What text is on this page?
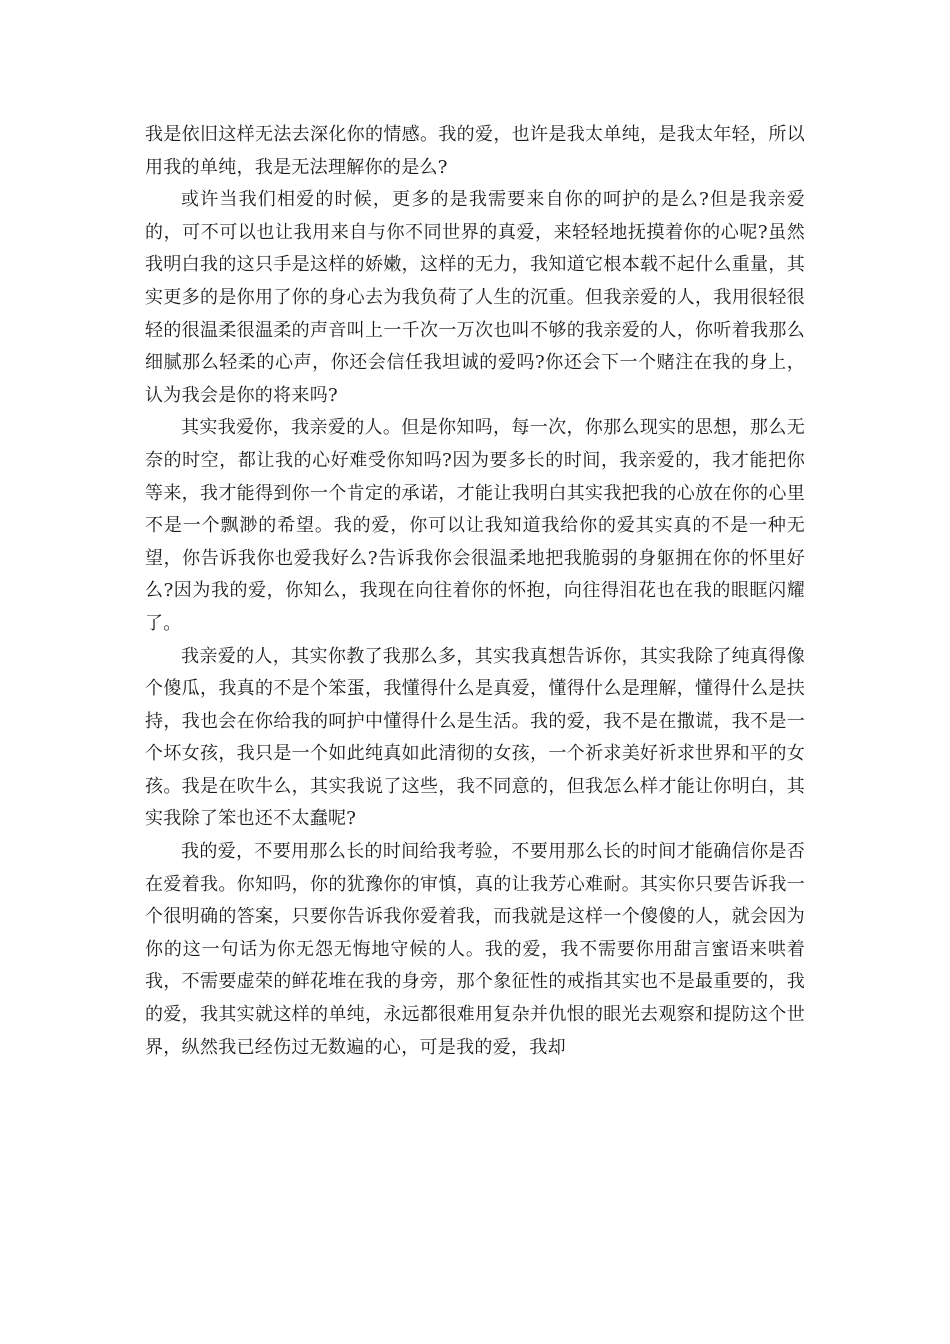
我是依旧这样无法去深化你的情感。我的爱，也许是我太单纯，是我太年轻，所以用我的单纯，我是无法理解你的是么?

或许当我们相爱的时候，更多的是我需要来自你的呵护的是么?但是我亲爱的，可不可以也让我用来自与你不同世界的真爱，来轻轻地抚摸着你的心呢?虽然我明白我的这只手是这样的娇嫩，这样的无力，我知道它根本载不起什么重量，其实更多的是你用了你的身心去为我负荷了人生的沉重。但我亲爱的人，我用很轻很轻的很温柔很温柔的声音叫上一千次一万次也叫不够的我亲爱的人，你听着我那么细腻那么轻柔的心声，你还会信任我坦诚的爱吗?你还会下一个赌注在我的身上，认为我会是你的将来吗?

其实我爱你，我亲爱的人。但是你知吗，每一次，你那么现实的思想，那么无奈的时空，都让我的心好难受你知吗?因为要多长的时间，我亲爱的，我才能把你等来，我才能得到你一个肯定的承诺，才能让我明白其实我把我的心放在你的心里不是一个飘渺的希望。我的爱，你可以让我知道我给你的爱其实真的不是一种无望，你告诉我你也爱我好么?告诉我你会很温柔地把我脆弱的身躯拥在你的怀里好么?因为我的爱，你知么，我现在向往着你的怀抱，向往得泪花也在我的眼眶闪耀了。

我亲爱的人，其实你教了我那么多，其实我真想告诉你，其实我除了纯真得像个傻瓜，我真的不是个笨蛋，我懂得什么是真爱，懂得什么是理解，懂得什么是扶持，我也会在你给我的呵护中懂得什么是生活。我的爱，我不是在撒谎，我不是一个坏女孩，我只是一个如此纯真如此清彻的女孩，一个祈求美好祈求世界和平的女孩。我是在吹牛么，其实我说了这些，我不同意的，但我怎么样才能让你明白，其实我除了笨也还不太蠢呢?

我的爱，不要用那么长的时间给我考验，不要用那么长的时间才能确信你是否在爱着我。你知吗，你的犹豫你的审慎，真的让我芳心难耐。其实你只要告诉我一个很明确的答案，只要你告诉我你爱着我，而我就是这样一个傻傻的人，就会因为你的这一句话为你无怨无悔地守候的人。我的爱，我不需要你用甜言蜜语来哄着我，不需要虚荣的鲜花堆在我的身旁，那个象征性的戒指其实也不是最重要的，我的爱，我其实就这样的单纯，永远都很难用复杂并仇恨的眼光去观察和提防这个世界，纵然我已经伤过无数遍的心，可是我的爱，我却
